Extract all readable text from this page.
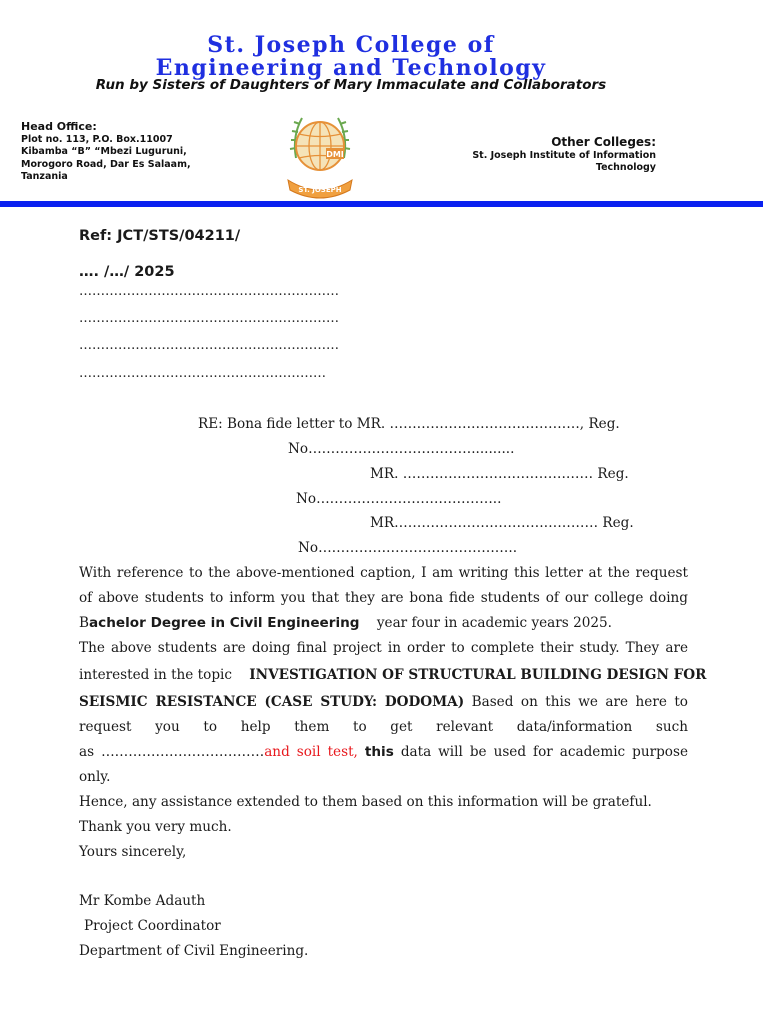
St. Joseph College of
Engineering and Technology
Run by Sisters of Daughters of Mary Immaculate and Collaborators
Head Office:
Plot no. 113, P.O. Box.11007
Kibamba “B” “Mbezi Luguruni,
Morogoro Road, Dar Es Salaam,
Tanzania
Other Colleges:
St. Joseph Institute of Information
Technology
DMI
ST. JOSEPH
Ref: JCT/STS/04211/
…. /…/ 2025
……………………………………………………
……………………………………………………
……………………………………………………
…………………………………………………
RE: Bona fide letter to MR. ……………………………………, Reg.
No………………………………..........
MR. …………………………………… Reg.
No…………………………………..
MR……………………………………… Reg.
No……………………………………..
With reference to the above-mentioned caption, I am writing this letter at the request
of above students to inform you that they are bona fide students of our college doing
Bachelor Degree in Civil Engineering year four in academic years 2025.
The above students are doing final project in order to complete their study. They are
interested in the topic INVESTIGATION OF STRUCTURAL BUILDING DESIGN FOR
SEISMIC RESISTANCE (CASE STUDY: DODOMA) Based on this we are here to
request you to help them to get relevant data/information such
as ………………………………and soil test, this data will be used for academic purpose
only.
Hence, any assistance extended to them based on this information will be grateful.
Thank you very much.
Yours sincerely,
Mr Kombe Adauth
Project Coordinator
Department of Civil Engineering.
